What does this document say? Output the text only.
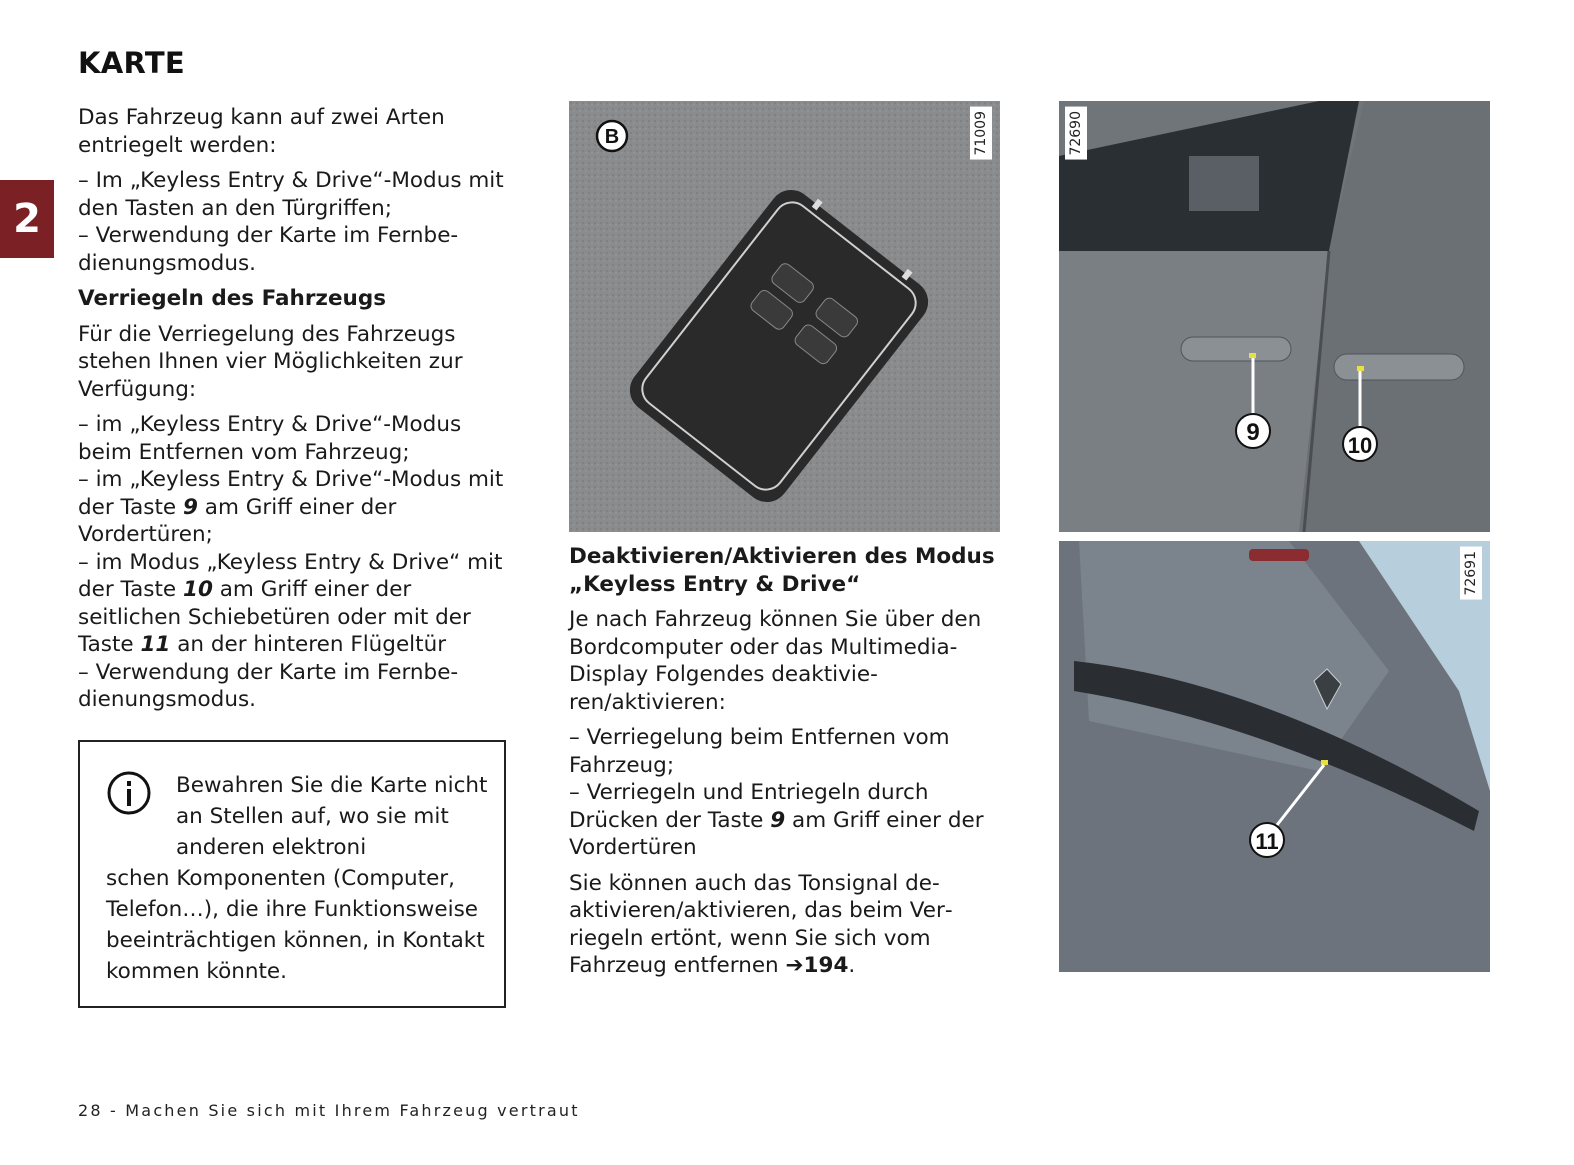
KARTE
2

Das Fahrzeug kann auf zwei Arten entriegelt werden:

– Im „Keyless Entry & Drive“-Modus mit den Tasten an den Türgriffen;

– Verwendung der Karte im Fernbedienungsmodus.

Verriegeln des Fahrzeugs

Für die Verriegelung des Fahrzeugs stehen Ihnen vier Möglichkeiten zur Verfügung:

– im „Keyless Entry & Drive“-Modus beim Entfernen vom Fahrzeug;

– im „Keyless Entry & Drive“-Modus mit der Taste 9 am Griff einer der Vordertüren;

– im Modus „Keyless Entry & Drive“ mit der Taste 10 am Griff einer der seitlichen Schiebetüren oder mit der Taste 11 an der hinteren Flügeltür

– Verwendung der Karte im Fernbedienungsmodus.

Bewahren Sie die Karte nicht an Stellen auf, wo sie mit anderen elektroni
schen Komponenten (Computer, Telefon…), die ihre Funktionsweise beeinträchtigen können, in Kontakt kommen könnte.
B	71009
9	10
72690
11
72691

Deaktivieren/Aktivieren des Modus „Keyless Entry & Drive“

Je nach Fahrzeug können Sie über den Bordcomputer oder das Multimedia-Display Folgendes deaktivieren/aktivieren:

– Verriegelung beim Entfernen vom Fahrzeug;

– Verriegeln und Entriegeln durch Drücken der Taste 9 am Griff einer der Vordertüren

Sie können auch das Tonsignal deaktivieren/aktivieren, das beim Verriegeln ertönt, wenn Sie sich vom Fahrzeug entfernen ➔194.

28 - Machen Sie sich mit Ihrem Fahrzeug vertraut
